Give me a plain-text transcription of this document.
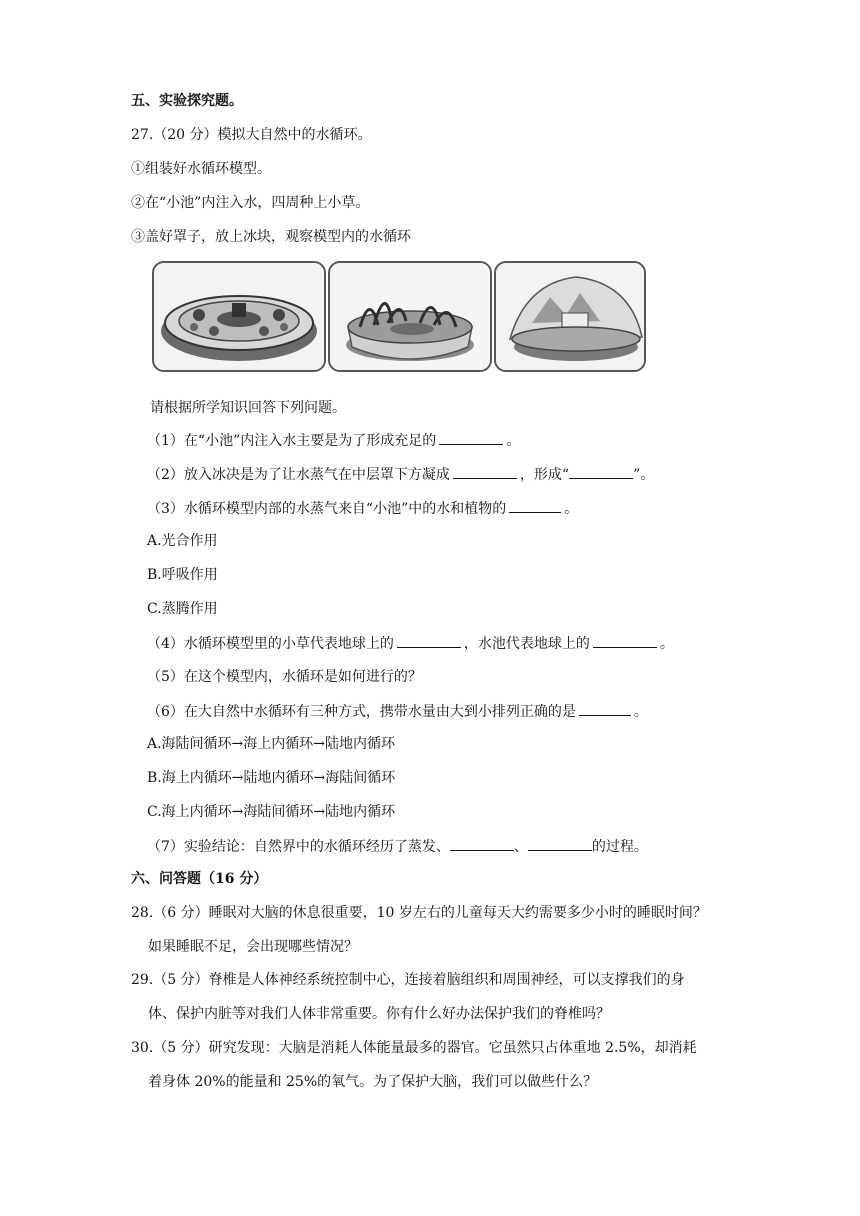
五、实验探究题。
27.（20 分）模拟大自然中的水循环。
①组装好水循环模型。
②在“小池”内注入水，四周种上小草。
③盖好罩子，放上冰块，观察模型内的水循环
请根据所学知识回答下列问题。
（1）在“小池”内注入水主要是为了形成充足的	。
（2）放入冰决是为了让水蒸气在中层罩下方凝成	，形成“	”。
（3）水循环模型内部的水蒸气来自“小池”中的水和植物的	。
A.光合作用
B.呼吸作用
C.蒸腾作用
（4）水循环模型里的小草代表地球上的	，水池代表地球上的	。
（5）在这个模型内，水循环是如何进行的？
（6）在大自然中水循环有三种方式，携带水量由大到小排列正确的是	。
A.海陆间循环→海上内循环→陆地内循环
B.海上内循环→陆地内循环→海陆间循环
C.海上内循环→海陆间循环→陆地内循环
（7）实验结论：自然界中的水循环经历了蒸发、	、	的过程。
六、问答题（16 分）
28.（6 分）睡眠对大脑的休息很重要，10 岁左右的儿童每天大约需要多少小时的睡眠时间？
如果睡眠不足，会出现哪些情况？
29.（5 分）脊椎是人体神经系统控制中心，连接着脑组织和周围神经，可以支撑我们的身
体、保护内脏等对我们人体非常重要。你有什么好办法保护我们的脊椎吗？
30.（5 分）研究发现：大脑是消耗人体能量最多的器官。它虽然只占体重地 2.5%，却消耗
着身体 20%的能量和 25%的氧气。为了保护大脑，我们可以做些什么？
